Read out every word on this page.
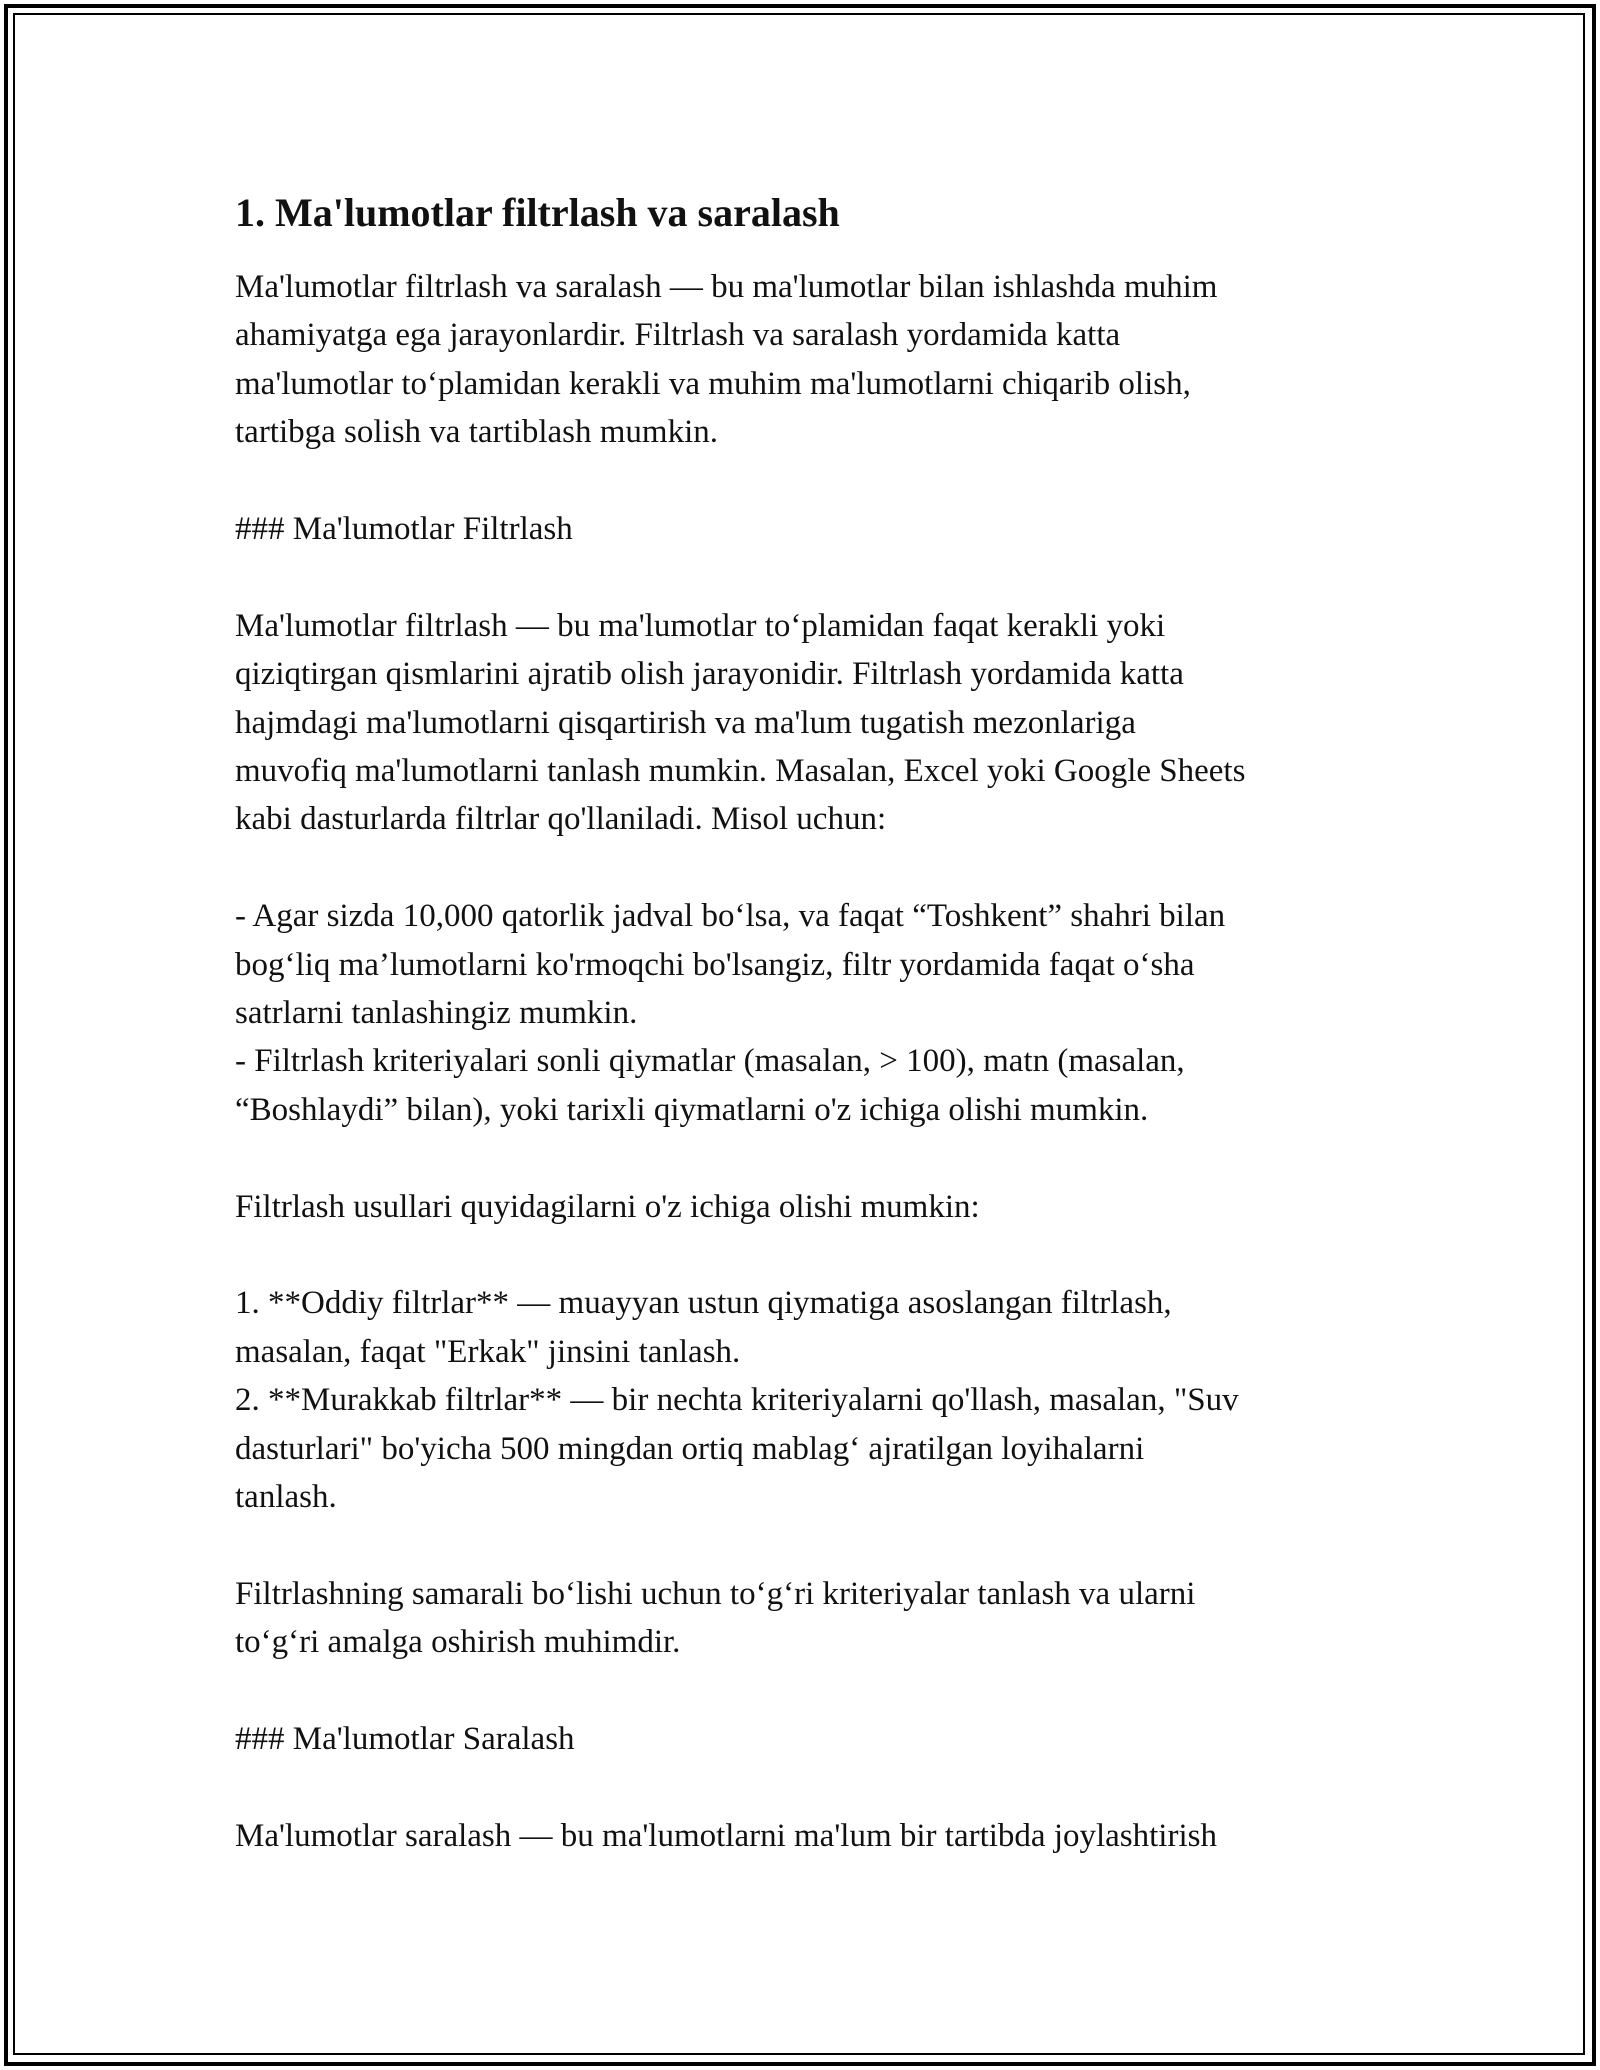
1. Ma'lumotlar filtrlash va saralash
Ma'lumotlar filtrlash va saralash — bu ma'lumotlar bilan ishlashda muhim
ahamiyatga ega jarayonlardir. Filtrlash va saralash yordamida katta
ma'lumotlar to‘plamidan kerakli va muhim ma'lumotlarni chiqarib olish,
tartibga solish va tartiblash mumkin.
### Ma'lumotlar Filtrlash
Ma'lumotlar filtrlash — bu ma'lumotlar to‘plamidan faqat kerakli yoki
qiziqtirgan qismlarini ajratib olish jarayonidir. Filtrlash yordamida katta
hajmdagi ma'lumotlarni qisqartirish va ma'lum tugatish mezonlariga
muvofiq ma'lumotlarni tanlash mumkin. Masalan, Excel yoki Google Sheets
kabi dasturlarda filtrlar qo'llaniladi. Misol uchun:
- Agar sizda 10,000 qatorlik jadval bo‘lsa, va faqat “Toshkent” shahri bilan
bog‘liq ma’lumotlarni ko'rmoqchi bo'lsangiz, filtr yordamida faqat o‘sha
satrlarni tanlashingiz mumkin.
- Filtrlash kriteriyalari sonli qiymatlar (masalan, > 100), matn (masalan,
“Boshlaydi” bilan), yoki tarixli qiymatlarni o'z ichiga olishi mumkin.
Filtrlash usullari quyidagilarni o'z ichiga olishi mumkin:
1. **Oddiy filtrlar** — muayyan ustun qiymatiga asoslangan filtrlash,
masalan, faqat "Erkak" jinsini tanlash.
2. **Murakkab filtrlar** — bir nechta kriteriyalarni qo'llash, masalan, "Suv
dasturlari" bo'yicha 500 mingdan ortiq mablag‘ ajratilgan loyihalarni
tanlash.
Filtrlashning samarali bo‘lishi uchun to‘g‘ri kriteriyalar tanlash va ularni
to‘g‘ri amalga oshirish muhimdir.
### Ma'lumotlar Saralash
Ma'lumotlar saralash — bu ma'lumotlarni ma'lum bir tartibda joylashtirish
